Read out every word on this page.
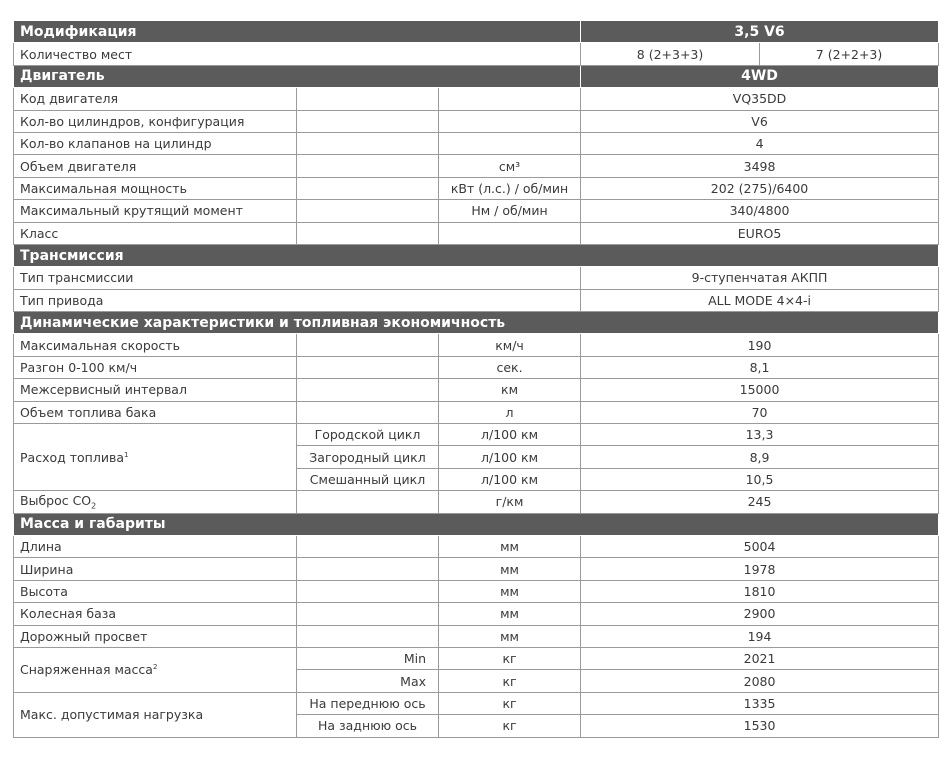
Модификация			3,5 V6	
Количество мест			8 (2+3+3)	7 (2+2+3)
Двигатель			4WD	
Код двигателя			VQ35DD	
Кол-во цилиндров, конфигурация			V6	
Кол-во клапанов на цилиндр			4	
Объем двигателя		см³	3498	
Максимальная мощность		кВт (л.с.) / об/мин	202 (275)/6400	
Максимальный крутящий момент		Нм / об/мин	340/4800	
Класс			EURO5	
Трансмиссия				
Тип трансмиссии			9-ступенчатая АКПП	
Тип привода			ALL MODE 4×4-i	
Динамические характеристики и топливная экономичность				
Максимальная скорость		км/ч	190	
Разгон 0-100 км/ч		сек.	8,1	
Межсервисный интервал		км	15000	
Объем топлива бака		л	70	
Расход топлива$^1$	Городской цикл	л/100 км	13,3	
	Загородный цикл	л/100 км	8,9	
	Смешанный цикл	л/100 км	10,5	
Выброс $CO_2$		г/км	245	
Масса и габариты				
Длина		мм	5004	
Ширина		мм	1978	
Высота		мм	1810	
Колесная база		мм	2900	
Дорожный просвет		мм	194	
Снаряженная масса$^2$	Min	кг	2021	
	Max	кг	2080	
Макс. допустимая нагрузка	На переднюю ось	кг	1335	
	На заднюю ось	кг	1530	
